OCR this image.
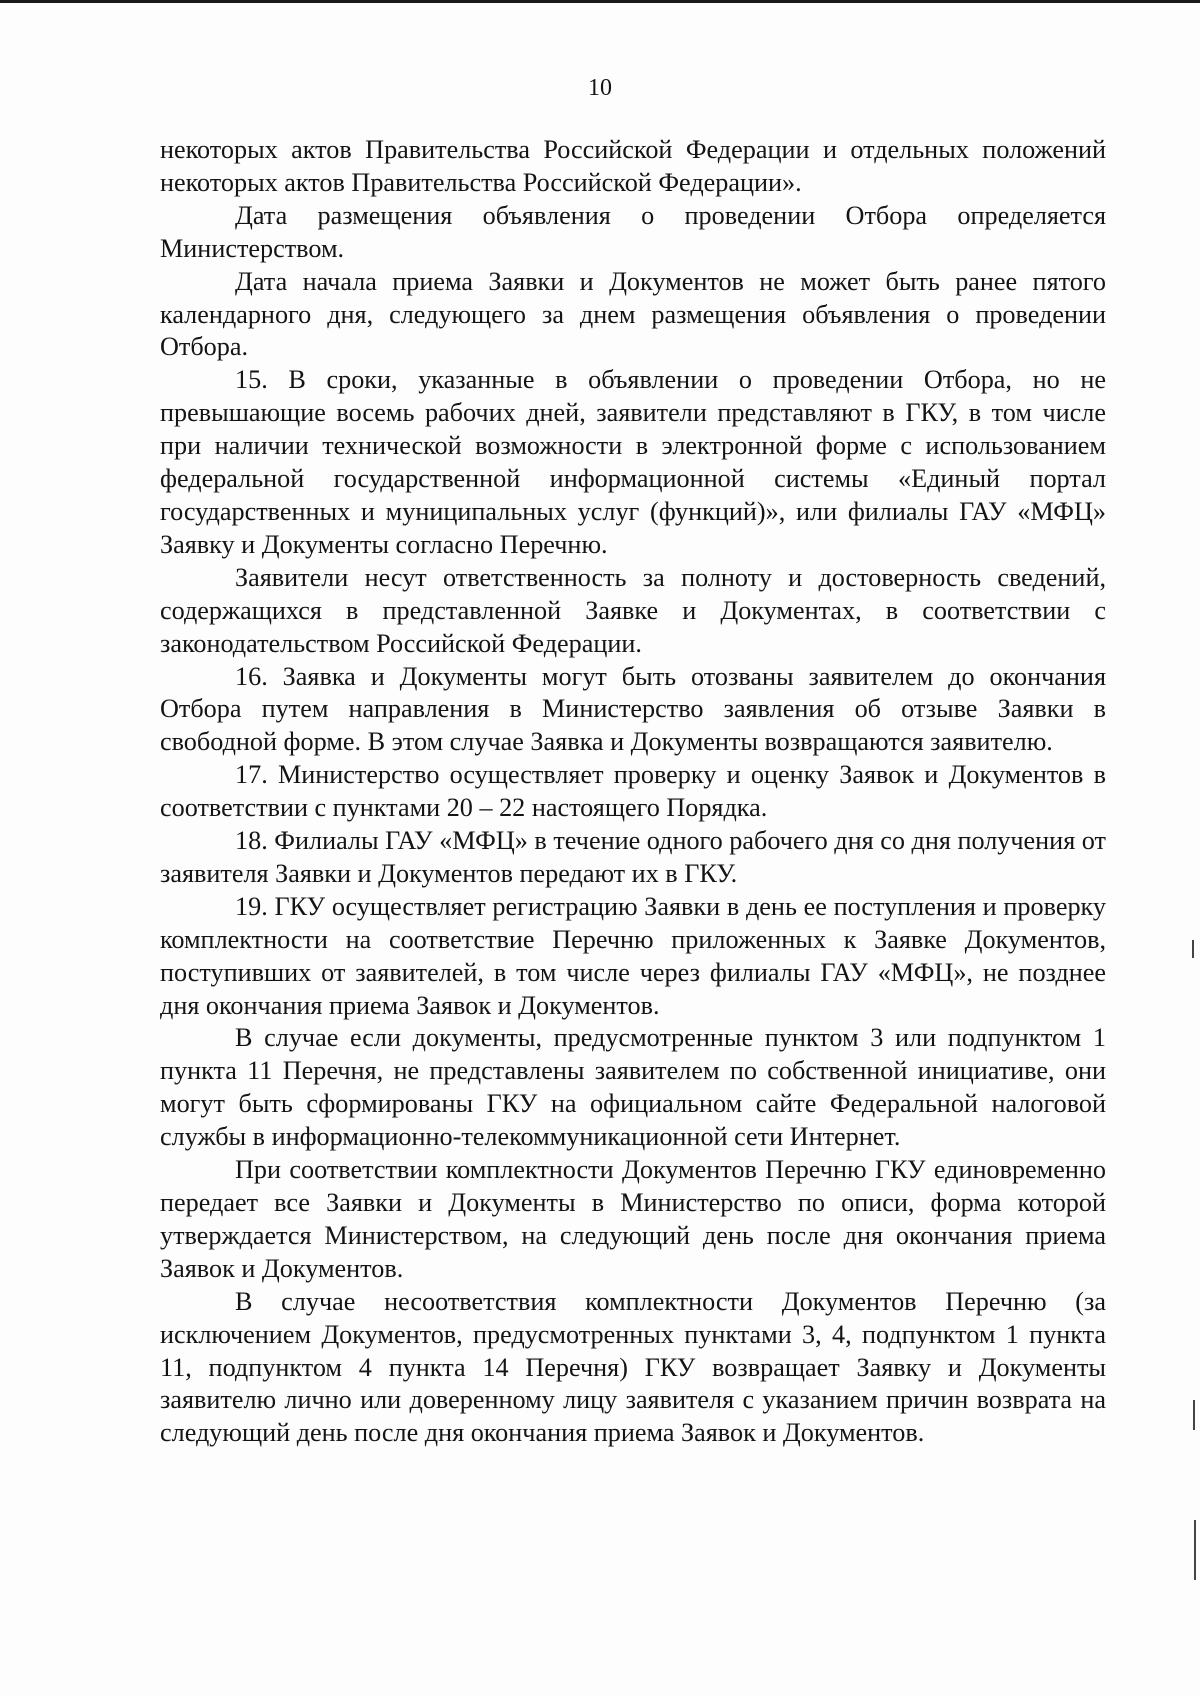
10

некоторых актов Правительства Российской Федерации и отдельных положений некоторых актов Правительства Российской Федерации».

Дата размещения объявления о проведении Отбора определяется Министерством.

Дата начала приема Заявки и Документов не может быть ранее пятого календарного дня, следующего за днем размещения объявления о проведении Отбора.

15. В сроки, указанные в объявлении о проведении Отбора, но не превышающие восемь рабочих дней, заявители представляют в ГКУ, в том числе при наличии технической возможности в электронной форме с использованием федеральной государственной информационной системы «Единый портал государственных и муниципальных услуг (функций)», или филиалы ГАУ «МФЦ» Заявку и Документы согласно Перечню.

Заявители несут ответственность за полноту и достоверность сведений, содержащихся в представленной Заявке и Документах, в соответствии с законодательством Российской Федерации.

16. Заявка и Документы могут быть отозваны заявителем до окончания Отбора путем направления в Министерство заявления об отзыве Заявки в свободной форме. В этом случае Заявка и Документы возвращаются заявителю.

17. Министерство осуществляет проверку и оценку Заявок и Документов в соответствии с пунктами 20 – 22 настоящего Порядка.

18. Филиалы ГАУ «МФЦ» в течение одного рабочего дня со дня получения от заявителя Заявки и Документов передают их в ГКУ.

19. ГКУ осуществляет регистрацию Заявки в день ее поступления и проверку комплектности на соответствие Перечню приложенных к Заявке Документов, поступивших от заявителей, в том числе через филиалы ГАУ «МФЦ», не позднее дня окончания приема Заявок и Документов.

В случае если документы, предусмотренные пунктом 3 или подпунктом 1 пункта 11 Перечня, не представлены заявителем по собственной инициативе, они могут быть сформированы ГКУ на официальном сайте Федеральной налоговой службы в информационно-телекоммуникационной сети Интернет.

При соответствии комплектности Документов Перечню ГКУ единовременно передает все Заявки и Документы в Министерство по описи, форма которой утверждается Министерством, на следующий день после дня окончания приема Заявок и Документов.

В случае несоответствия комплектности Документов Перечню (за исключением Документов, предусмотренных пунктами 3, 4, подпунктом 1 пункта 11, подпунктом 4 пункта 14 Перечня) ГКУ возвращает Заявку и Документы заявителю лично или доверенному лицу заявителя с указанием причин возврата на следующий день после дня окончания приема Заявок и Документов.
